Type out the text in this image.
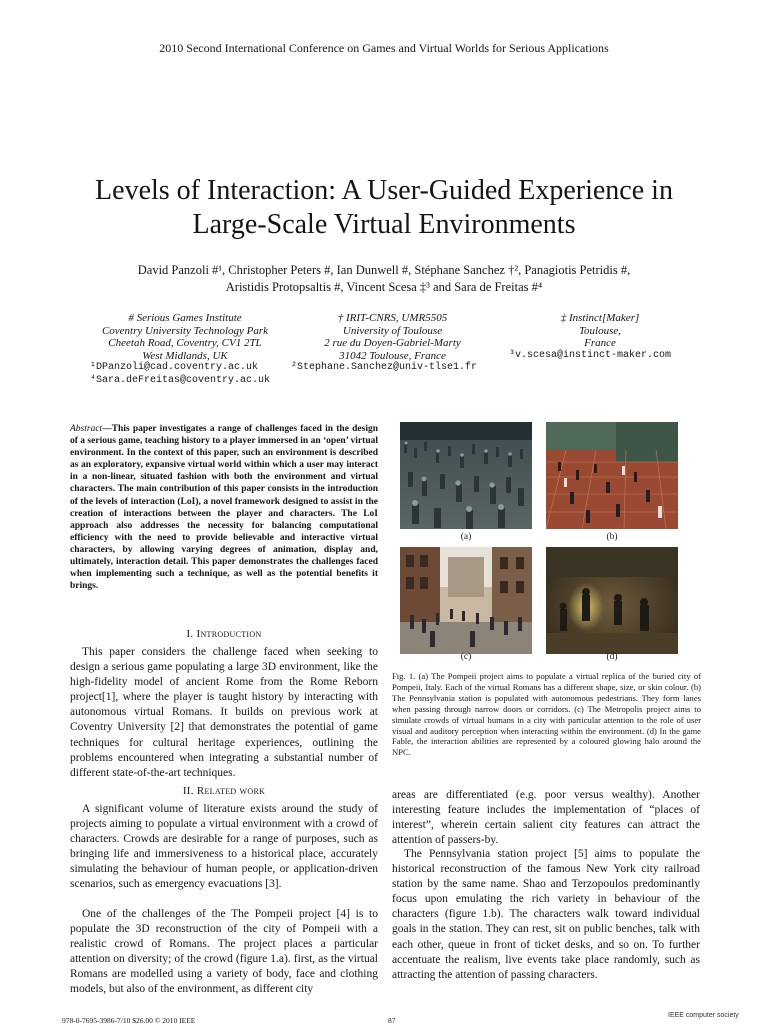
2010 Second International Conference on Games and Virtual Worlds for Serious Applications
Levels of Interaction: A User-Guided Experience in
Large-Scale Virtual Environments
David Panzoli #¹, Christopher Peters #, Ian Dunwell #, Stéphane Sanchez †², Panagiotis Petridis #,
Aristidis Protopsaltis #, Vincent Scesa ‡³ and Sara de Freitas #⁴
# Serious Games Institute
Coventry University Technology Park
Cheetah Road, Coventry, CV1 2TL
West Midlands, UK
¹DPanzoli@cad.coventry.ac.uk
⁴Sara.deFreitas@coventry.ac.uk
† IRIT-CNRS, UMR5505
University of Toulouse
2 rue du Doyen-Gabriel-Marty
31042 Toulouse, France
²Stephane.Sanchez@univ-tlse1.fr
‡ Instinct[Maker]
Toulouse,
France
³v.scesa@instinct-maker.com
Abstract—This paper investigates a range of challenges faced in the design of a serious game, teaching history to a player immersed in an ‘open’ virtual environment. In the context of this paper, such an environment is described as an exploratory, expansive virtual world within which a user may interact in a non-linear, situated fashion with both the environment and virtual characters. The main contribution of this paper consists in the introduction of the levels of interaction (LoI), a novel framework designed to assist in the creation of interactions between the player and characters. The LoI approach also addresses the necessity for balancing computational efficiency with the need to provide believable and interactive virtual characters, by allowing varying degrees of animation, display and, ultimately, interaction detail. This paper demonstrates the challenges faced when implementing such a technique, as well as the potential benefits it brings.
I. Introduction

This paper considers the challenge faced when seeking to design a serious game populating a large 3D environment, like the high-fidelity model of ancient Rome from the Rome Reborn project[1], where the player is taught history by interacting with autonomous virtual Romans. It builds on previous work at Coventry University [2] that demonstrates the potential of game techniques for cultural heritage experiences, outlining the problems encountered when integrating a substantial number of different state-of-the-art techniques.

II. Related work

A significant volume of literature exists around the study of projects aiming to populate a virtual environment with a crowd of characters. Crowds are desirable for a range of purposes, such as bringing life and immersiveness to a historical place, accurately simulating the behaviour of human people, or application-driven scenarios, such as emergency evacuations [3].

One of the challenges of the The Pompeii project [4] is to populate the 3D reconstruction of the city of Pompeii with a realistic crowd of Romans. The project places a particular attention on diversity; of the crowd (figure 1.a). first, as the virtual Romans are modelled using a variety of body, face and clothing models, but also of the environment, as different city

areas are differentiated (e.g. poor versus wealthy). Another interesting feature includes the implementation of “places of interest”, wherein certain salient city features can attract the attention of passers-by.

The Pennsylvania station project [5] aims to populate the historical reconstruction of the famous New York city railroad station by the same name. Shao and Terzopoulos predominantly focus upon emulating the rich variety in behaviour of the characters (figure 1.b). The characters walk toward individual goals in the station. They can rest, sit on public benches, talk with each other, queue in front of ticket desks, and so on. To further accentuate the realism, live events take place randomly, such as attracting the attention of passing characters.

(a)	(b)
(c)	(d)
Fig. 1. (a) The Pompeii project aims to populate a virtual replica of the buried city of Pompeii, Italy. Each of the virtual Romans has a different shape, size, or skin colour. (b) The Pennsylvania station is populated with autonomous pedestrians. They form lanes when passing through narrow doors or corridors. (c) The Metropolis project aims to simulate crowds of virtual humans in a city with particular attention to the role of user visual and auditory perception when interacting within the environment. (d) In the game Fable, the interaction abilities are represented by a coloured glowing halo around the NPC.
978-0-7695-3986-7/10 $26.00 © 2010 IEEE	87
IEEE computer society
